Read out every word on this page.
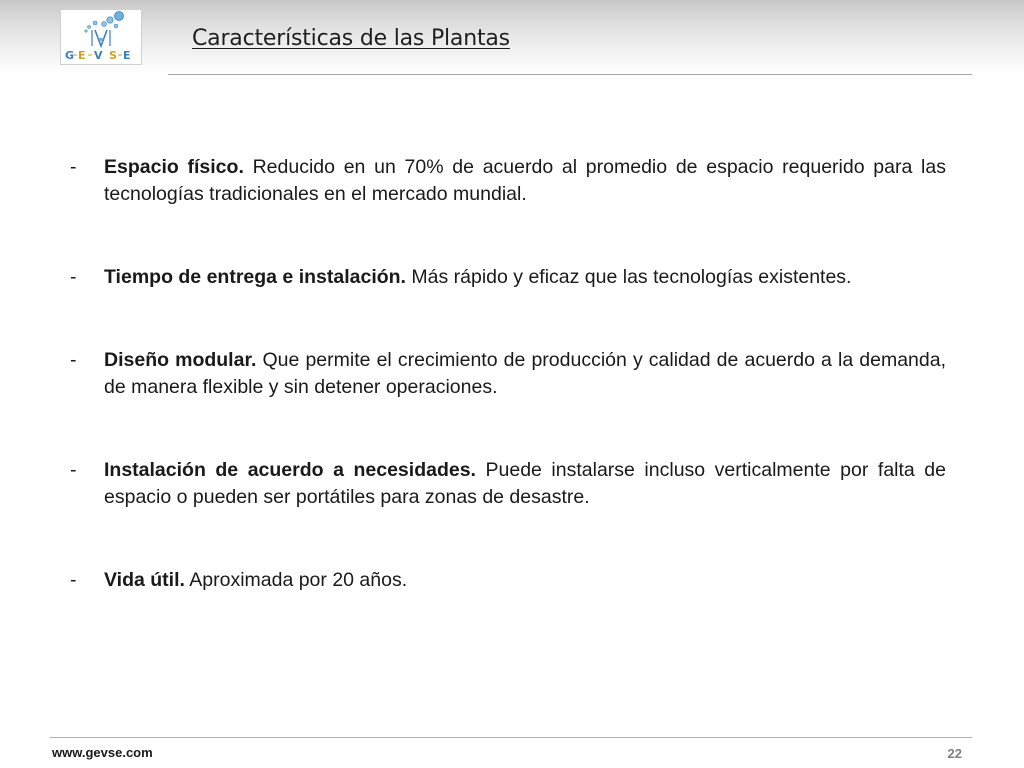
G E V S E
Características de las Plantas
- Espacio físico. Reducido en un 70% de acuerdo al promedio de espacio requerido para las tecnologías tradicionales en el mercado mundial.
- Tiempo de entrega e instalación. Más rápido y eficaz que las tecnologías existentes.
- Diseño modular. Que permite el crecimiento de producción y calidad de acuerdo a la demanda, de manera flexible y sin detener operaciones.
- Instalación de acuerdo a necesidades. Puede instalarse incluso verticalmente por falta de espacio o pueden ser portátiles para zonas de desastre.
- Vida útil. Aproximada por 20 años.
www.gevse.com	22
